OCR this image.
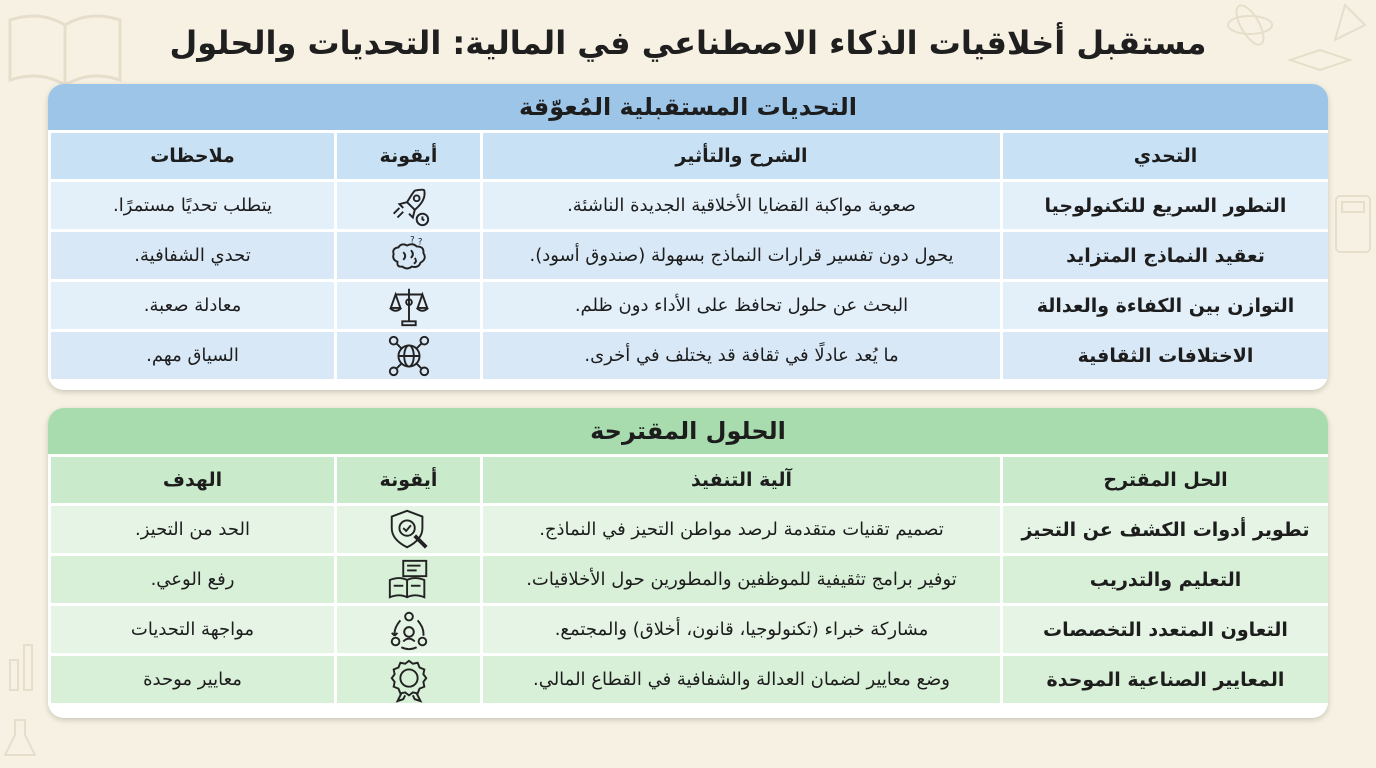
مستقبل أخلاقيات الذكاء الاصطناعي في المالية: التحديات والحلول
التحديات المستقبلية المُعوّقة
التحدي	الشرح والتأثير	أيقونة	ملاحظات
التطور السريع للتكنولوجيا	صعوبة مواكبة القضايا الأخلاقية الجديدة الناشئة.		يتطلب تحديًا مستمرًا.
تعقيد النماذج المتزايد	يحول دون تفسير قرارات النماذج بسهولة (صندوق أسود).	? ?	تحدي الشفافية.
التوازن بين الكفاءة والعدالة	البحث عن حلول تحافظ على الأداء دون ظلم.		معادلة صعبة.
الاختلافات الثقافية	ما يُعد عادلًا في ثقافة قد يختلف في أخرى.		السياق مهم.
الحلول المقترحة
الحل المقترح	آلية التنفيذ	أيقونة	الهدف
تطوير أدوات الكشف عن التحيز	تصميم تقنيات متقدمة لرصد مواطن التحيز في النماذج.		الحد من التحيز.
التعليم والتدريب	توفير برامج تثقيفية للموظفين والمطورين حول الأخلاقيات.		رفع الوعي.
التعاون المتعدد التخصصات	مشاركة خبراء (تكنولوجيا، قانون، أخلاق) والمجتمع.		مواجهة التحديات
المعايير الصناعية الموحدة	وضع معايير لضمان العدالة والشفافية في القطاع المالي.		معايير موحدة
